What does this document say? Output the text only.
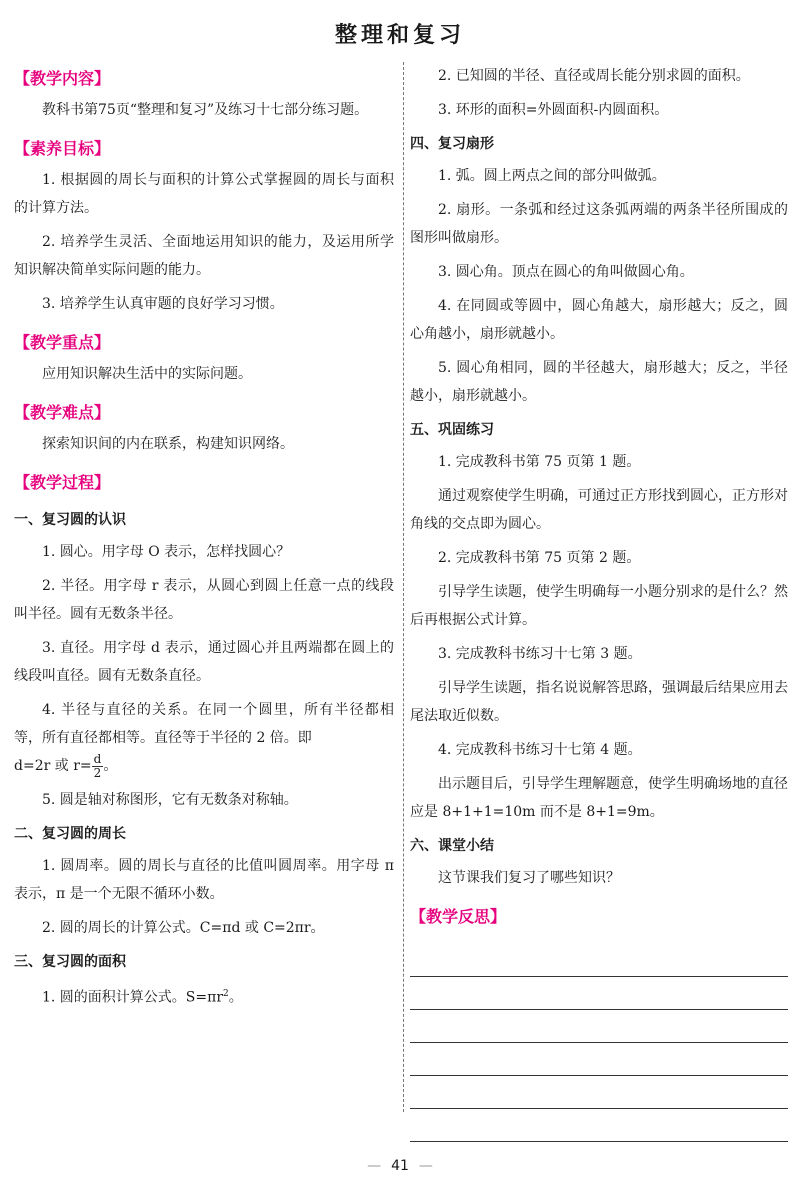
整理和复习
【教学内容】

教科书第75页“整理和复习”及练习十七部分练习题。

【素养目标】

1. 根据圆的周长与面积的计算公式掌握圆的周长与面积的计算方法。

2. 培养学生灵活、全面地运用知识的能力，及运用所学知识解决简单实际问题的能力。

3. 培养学生认真审题的良好学习习惯。

【教学重点】

应用知识解决生活中的实际问题。

【教学难点】

探索知识间的内在联系，构建知识网络。

【教学过程】
一、复习圆的认识

1. 圆心。用字母 O 表示，怎样找圆心？

2. 半径。用字母 r 表示，从圆心到圆上任意一点的线段叫半径。圆有无数条半径。

3. 直径。用字母 d 表示，通过圆心并且两端都在圆上的线段叫直径。圆有无数条直径。

4. 半径与直径的关系。在同一个圆里，所有半径都相等，所有直径都相等。直径等于半径的 2 倍。即

d=2r 或 $r= \frac{d}{2}$。

5. 圆是轴对称图形，它有无数条对称轴。

二、复习圆的周长

1. 圆周率。圆的周长与直径的比值叫圆周率。用字母 π 表示，π 是一个无限不循环小数。

2. 圆的周长的计算公式。C=πd 或 C=2πr。

三、复习圆的面积

1. 圆的面积计算公式。$S=\pi r^2$。

2. 已知圆的半径、直径或周长能分别求圆的面积。

3. 环形的面积=外圆面积-内圆面积。

四、复习扇形

1. 弧。圆上两点之间的部分叫做弧。

2. 扇形。一条弧和经过这条弧两端的两条半径所围成的图形叫做扇形。

3. 圆心角。顶点在圆心的角叫做圆心角。

4. 在同圆或等圆中，圆心角越大，扇形越大；反之，圆心角越小，扇形就越小。

5. 圆心角相同，圆的半径越大，扇形越大；反之，半径越小，扇形就越小。

五、巩固练习

1. 完成教科书第 75 页第 1 题。

通过观察使学生明确，可通过正方形找到圆心，正方形对角线的交点即为圆心。

2. 完成教科书第 75 页第 2 题。

引导学生读题，使学生明确每一小题分别求的是什么？然后再根据公式计算。

3. 完成教科书练习十七第 3 题。

引导学生读题，指名说说解答思路，强调最后结果应用去尾法取近似数。

4. 完成教科书练习十七第 4 题。

出示题目后，引导学生理解题意，使学生明确场地的直径应是 8+1+1=10m 而不是 8+1=9m。

六、课堂小结

这节课我们复习了哪些知识？

【教学反思】
— 41 —
